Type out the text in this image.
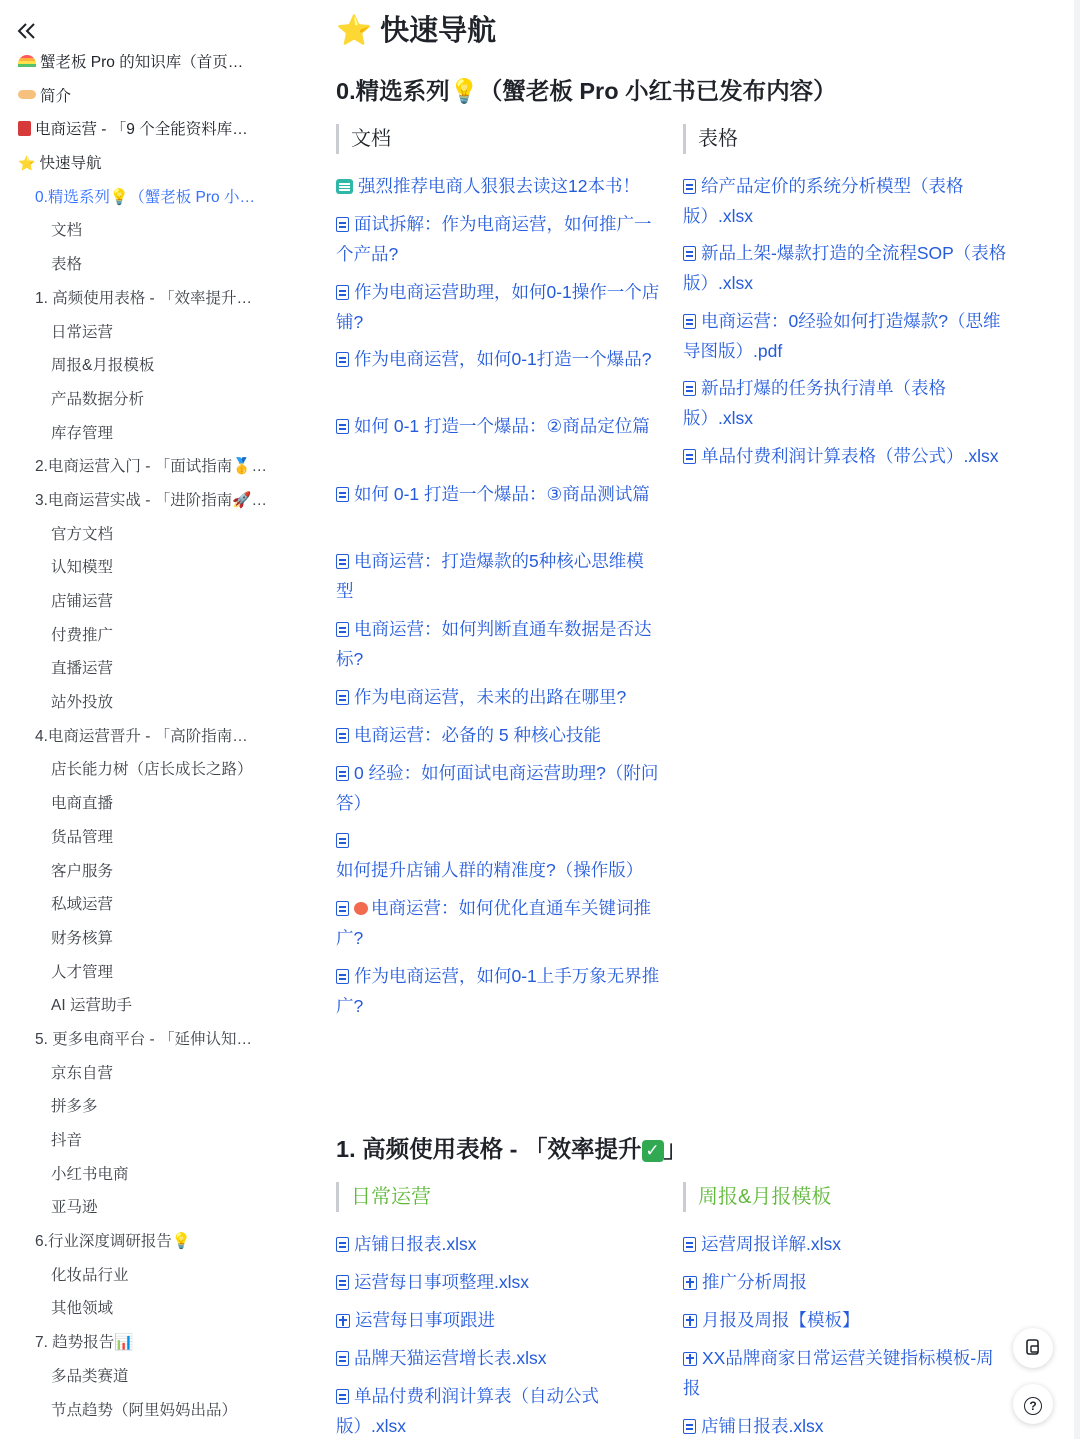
蟹老板 Pro 的知识库（首页…
简介
电商运营 - 「9 个全能资料库…
⭐ 快速导航
0.精选系列💡（蟹老板 Pro 小…
文档
表格
1. 高频使用表格 - 「效率提升…
日常运营
周报&月报模板
产品数据分析
库存管理
2.电商运营入门 - 「面试指南🥇…
3.电商运营实战 - 「进阶指南🚀…
官方文档
认知模型
店铺运营
付费推广
直播运营
站外投放
4.电商运营晋升 - 「高阶指南…
店长能力树（店长成长之路）
电商直播
货品管理
客户服务
私域运营
财务核算
人才管理
AI 运营助手
5. 更多电商平台 - 「延伸认知…
京东自营
拼多多
抖音
小红书电商
亚马逊
6.行业深度调研报告💡
化妆品行业
其他领域
7. 趋势报告📊
多品类赛道
节点趋势（阿里妈妈出品）
⭐ 快速导航
0.精选系列💡（蟹老板 Pro 小红书已发布内容）
文档	表格
强烈推荐电商人狠狠去读这12本书！
面试拆解：作为电商运营，如何推广一个产品?
作为电商运营助理，如何0-1操作一个店铺?
作为电商运营，如何0-1打造一个爆品?
如何 0-1 打造一个爆品：②商品定位篇
如何 0-1 打造一个爆品：③商品测试篇
电商运营：打造爆款的5种核心思维模型
电商运营：如何判断直通车数据是否达标?
作为电商运营，未来的出路在哪里?
电商运营：必备的 5 种核心技能
0 经验：如何面试电商运营助理?（附问答）
如何提升店铺人群的精准度?（操作版）
电商运营：如何优化直通车关键词推广?
作为电商运营，如何0-1上手万象无界推广?
给产品定价的系统分析模型（表格版）.xlsx
新品上架-爆款打造的全流程SOP（表格版）.xlsx
电商运营：0经验如何打造爆款?（思维导图版）.pdf
新品打爆的任务执行清单（表格版）.xlsx
单品付费利润计算表格（带公式）.xlsx
1. 高频使用表格 - 「效率提升 ✓ 」
日常运营	周报&月报模板
店铺日报表.xlsx
运营每日事项整理.xlsx
运营每日事项跟进
品牌天猫运营增长表.xlsx
单品付费利润计算表（自动公式版）.xlsx
运营周报详解.xlsx
推广分析周报
月报及周报【模板】
XX品牌商家日常运营关键指标模板-周报
店铺日报表.xlsx
?
